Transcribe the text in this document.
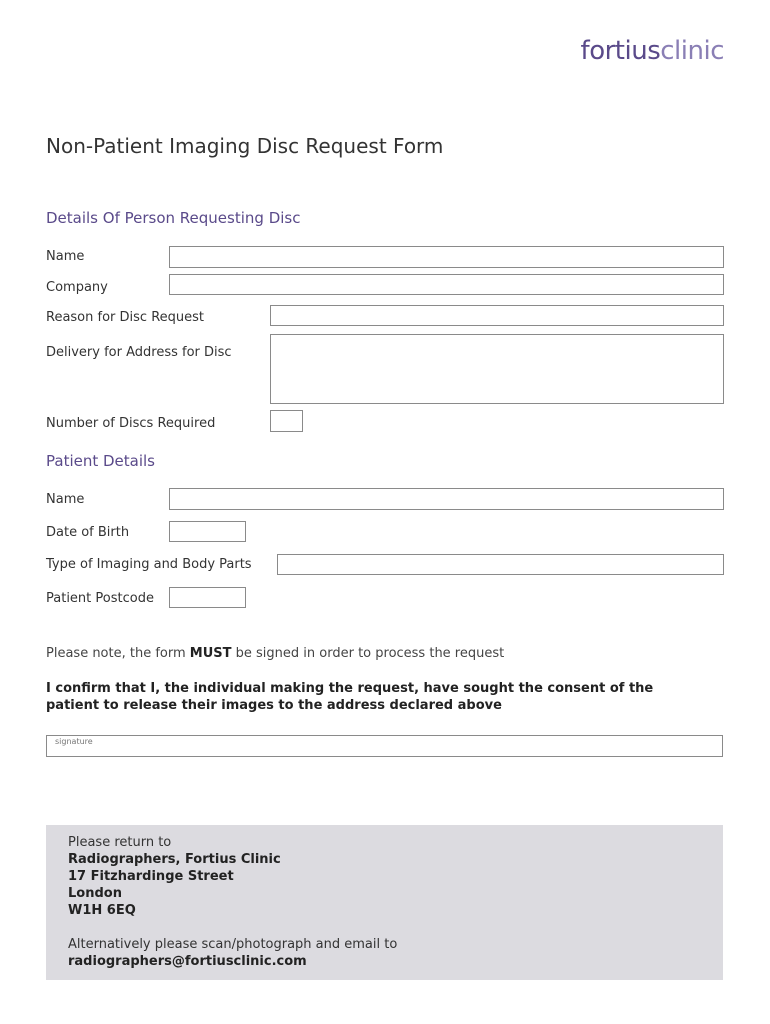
fortiusclinic
Non-Patient Imaging Disc Request Form
Details Of Person Requesting Disc
Name
Company
Reason for Disc Request
Delivery for Address for Disc
Number of Discs Required
Patient Details
Name
Date of Birth
Type of Imaging and Body Parts
Patient Postcode
Please note, the form MUST be signed in order to process the request
I confirm that I, the individual making the request, have sought the consent of the patient to release their images to the address declared above
signature
Please return to
Radiographers, Fortius Clinic
17 Fitzhardinge Street
London
W1H 6EQ
Alternatively please scan/photograph and email to
radiographers@fortiusclinic.com
